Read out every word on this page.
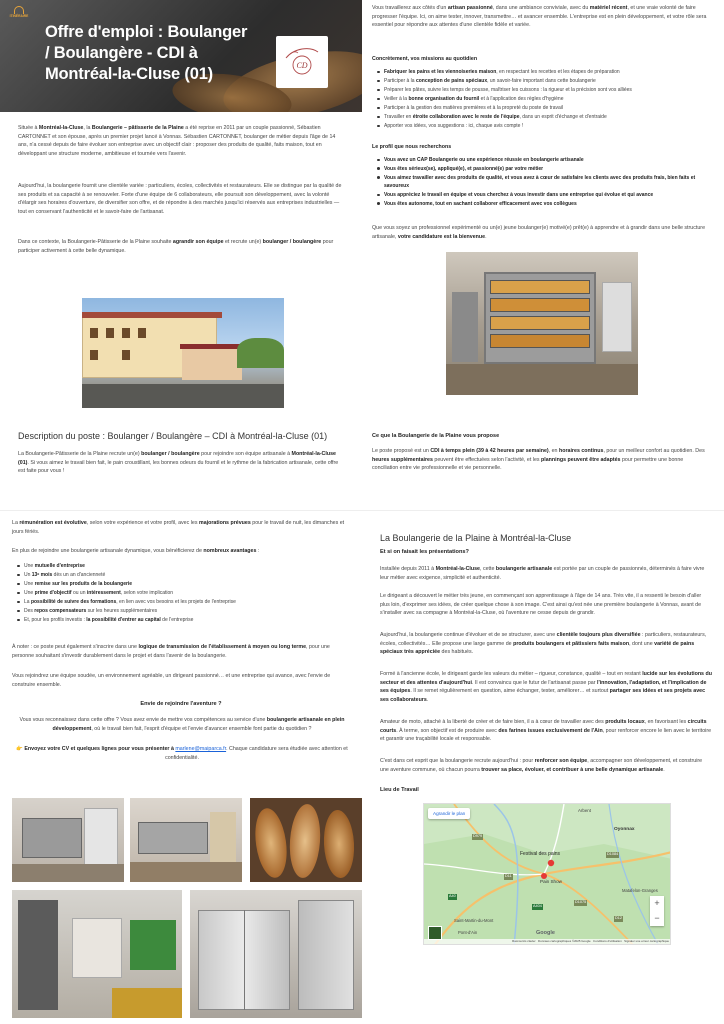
ITINÉRAIRE
Offre d'emploi : Boulanger / Boulangère - CDI à Montréal-la-Cluse (01)	CD
Située à Montréal-la-Cluse, la Boulangerie – pâtisserie de la Plaine a été reprise en 2011 par un couple passionné, Sébastien CARTONNET et son épouse, après un premier projet lancé à Vonnas. Sébastien CARTONNET, boulanger de métier depuis l'âge de 14 ans, n'a cessé depuis de faire évoluer son entreprise avec un objectif clair : proposer des produits de qualité, faits maison, tout en développant une structure moderne, ambitieuse et tournée vers l'avenir.
Aujourd'hui, la boulangerie fournit une clientèle variée : particuliers, écoles, collectivités et restaurateurs. Elle se distingue par la qualité de ses produits et sa capacité à se renouveler. Forte d'une équipe de 6 collaborateurs, elle poursuit son développement, avec la volonté d'élargir ses horaires d'ouverture, de diversifier son offre, et de répondre à des marchés jusqu'ici réservés aux entreprises industrielles — tout en conservant l'authenticité et le savoir-faire de l'artisanat.
Dans ce contexte, la Boulangerie-Pâtisserie de la Plaine souhaite agrandir son équipe et recrute un(e) boulanger / boulangère pour participer activement à cette belle dynamique.
Description du poste : Boulanger / Boulangère – CDI à Montréal-la-Cluse (01)
La Boulangerie-Pâtisserie de la Plaine recrute un(e) boulanger / boulangère pour rejoindre son équipe artisanale à Montréal-la-Cluse (01). Si vous aimez le travail bien fait, le pain croustillant, les bonnes odeurs du fournil et le rythme de la fabrication artisanale, cette offre est faite pour vous !
Vous travaillerez aux côtés d'un artisan passionné, dans une ambiance conviviale, avec du matériel récent, et une vraie volonté de faire progresser l'équipe. Ici, on aime tester, innover, transmettre… et avancer ensemble. L'entreprise est en plein développement, et votre rôle sera essentiel pour répondre aux attentes d'une clientèle fidèle et variée.
Concrètement, vos missions au quotidien
Fabriquer les pains et les viennoiseries maison, en respectant les recettes et les étapes de préparation
Participer à la conception de pains spéciaux, un savoir-faire important dans cette boulangerie
Préparer les pâtes, suivre les temps de pousse, maîtriser les cuissons : la rigueur et la précision sont vos alliées
Veiller à la bonne organisation du fournil et à l'application des règles d'hygiène
Participer à la gestion des matières premières et à la propreté du poste de travail
Travailler en étroite collaboration avec le reste de l'équipe, dans un esprit d'échange et d'entraide
Apporter vos idées, vos suggestions : ici, chaque avis compte !
Le profil que nous recherchons
Vous avez un CAP Boulangerie ou une expérience réussie en boulangerie artisanale
Vous êtes sérieux(se), appliqué(e), et passionné(e) par votre métier
Vous aimez travailler avec des produits de qualité, et vous avez à cœur de satisfaire les clients avec des produits frais, bien faits et savoureux
Vous appréciez le travail en équipe et vous cherchez à vous investir dans une entreprise qui évolue et qui avance
Vous êtes autonome, tout en sachant collaborer efficacement avec vos collègues
Que vous soyez un professionnel expérimenté ou un(e) jeune boulanger(e) motivé(e) prêt(e) à apprendre et à grandir dans une belle structure artisanale, votre candidature est la bienvenue.
Ce que la Boulangerie de la Plaine vous propose
Le poste proposé est un CDI à temps plein (39 à 42 heures par semaine), en horaires continus, pour un meilleur confort au quotidien. Des heures supplémentaires peuvent être effectuées selon l'activité, et les plannings peuvent être adaptés pour permettre une bonne conciliation entre vie professionnelle et vie personnelle.
La rémunération est évolutive, selon votre expérience et votre profil, avec les majorations prévues pour le travail de nuit, les dimanches et jours fériés.
En plus de rejoindre une boulangerie artisanale dynamique, vous bénéficierez de nombreux avantages :
Une mutuelle d'entreprise
Un 13ᵉ mois dès un an d'ancienneté
Une remise sur les produits de la boulangerie
Une prime d'objectif ou un intéressement, selon votre implication
La possibilité de suivre des formations, en lien avec vos besoins et les projets de l'entreprise
Des repos compensateurs sur les heures supplémentaires
Et, pour les profils investis : la possibilité d'entrer au capital de l'entreprise
À noter : ce poste peut également s'inscrire dans une logique de transmission de l'établissement à moyen ou long terme, pour une personne souhaitant s'investir durablement dans le projet et dans l'avenir de la boulangerie.
Vous rejoindrez une équipe soudée, un environnement agréable, un dirigeant passionné… et une entreprise qui avance, avec l'envie de construire ensemble.
Envie de rejoindre l'aventure ?
Vous vous reconnaissez dans cette offre ? Vous avez envie de mettre vos compétences au service d'une boulangerie artisanale en plein développement, où le travail bien fait, l'esprit d'équipe et l'envie d'avancer ensemble font partie du quotidien ?
👉 Envoyez votre CV et quelques lignes pour vous présenter à marlene@maiparca.fr. Chaque candidature sera étudiée avec attention et confidentialité.
La Boulangerie de la Plaine à Montréal-la-Cluse
Et si on faisait les présentations?
Installée depuis 2011 à Montréal-la-Cluse, cette boulangerie artisanale est portée par un couple de passionnés, déterminés à faire vivre leur métier avec exigence, simplicité et authenticité.
Le dirigeant a découvert le métier très jeune, en commençant son apprentissage à l'âge de 14 ans. Très vite, il a ressenti le besoin d'aller plus loin, d'exprimer ses idées, de créer quelque chose à son image. C'est ainsi qu'est née une première boulangerie à Vonnas, avant de s'installer avec sa compagne à Montréal-la-Cluse, où l'aventure ne cesse depuis de grandir.
Aujourd'hui, la boulangerie continue d'évoluer et de se structurer, avec une clientèle toujours plus diversifiée : particuliers, restaurateurs, écoles, collectivités… Elle propose une large gamme de produits boulangers et pâtissiers faits maison, dont une variété de pains spéciaux très appréciée des habitués.
Formé à l'ancienne école, le dirigeant garde les valeurs du métier – rigueur, constance, qualité – tout en restant lucide sur les évolutions du secteur et des attentes d'aujourd'hui. Il est convaincu que le futur de l'artisanat passe par l'innovation, l'adaptation, et l'implication de ses équipes. Il se remet régulièrement en question, aime échanger, tester, améliorer… et surtout partager ses idées et ses projets avec ses collaborateurs.
Amateur de moto, attaché à la liberté de créer et de faire bien, il a à cœur de travailler avec des produits locaux, en favorisant les circuits courts. À terme, son objectif est de produire avec des farines issues exclusivement de l'Ain, pour renforcer encore le lien avec le territoire et garantir une traçabilité locale et responsable.
C'est dans cet esprit que la boulangerie recrute aujourd'hui : pour renforcer son équipe, accompagner son développement, et construire une aventure commune, où chacun pourra trouver sa place, évoluer, et contribuer à une belle dynamique artisanale.
Lieu de Travail
Agrandir le plan
Arbent
Oyonnax
Festival des pains
Pain Show
Matafelon-Granges
Saint-Martin-du-Mont
Pont-d'Ain
D979
D11
D1084
D1075
A40
A404
D12
+
−
Google
Raccourcis clavier Données cartographiques ©2025 Google Conditions d'utilisation Signaler une erreur cartographique
